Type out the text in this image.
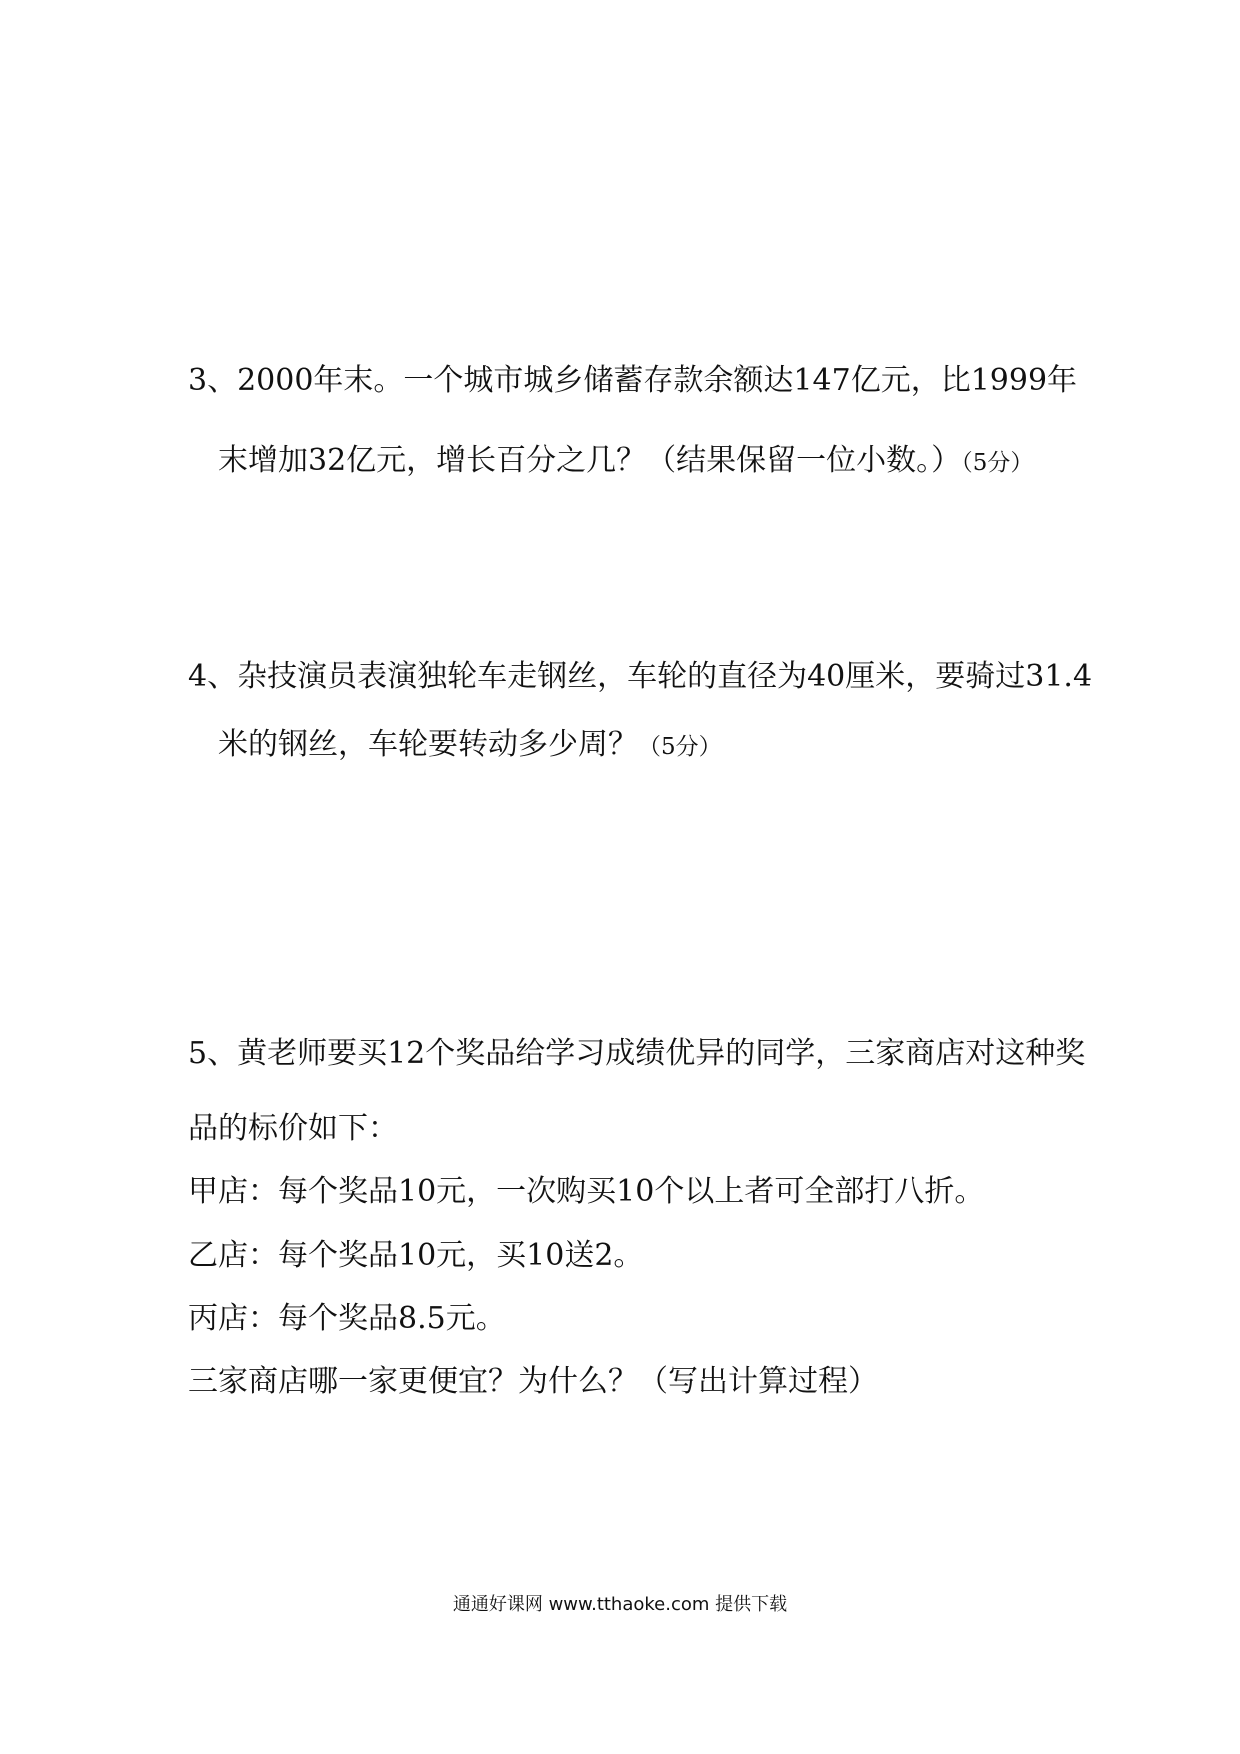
3、2000年末。一个城市城乡储蓄存款余额达147亿元，比1999年
末增加32亿元，增长百分之几？（结果保留一位小数。）（5分）
4、杂技演员表演独轮车走钢丝，车轮的直径为40厘米，要骑过31.4
米的钢丝，车轮要转动多少周？（5分）
5、黄老师要买12个奖品给学习成绩优异的同学，三家商店对这种奖
品的标价如下：
甲店：每个奖品10元，一次购买10个以上者可全部打八折。
乙店：每个奖品10元，买10送2。
丙店：每个奖品8.5元。
三家商店哪一家更便宜？为什么？（写出计算过程）
通通好课网 www.tthaoke.com 提供下载
